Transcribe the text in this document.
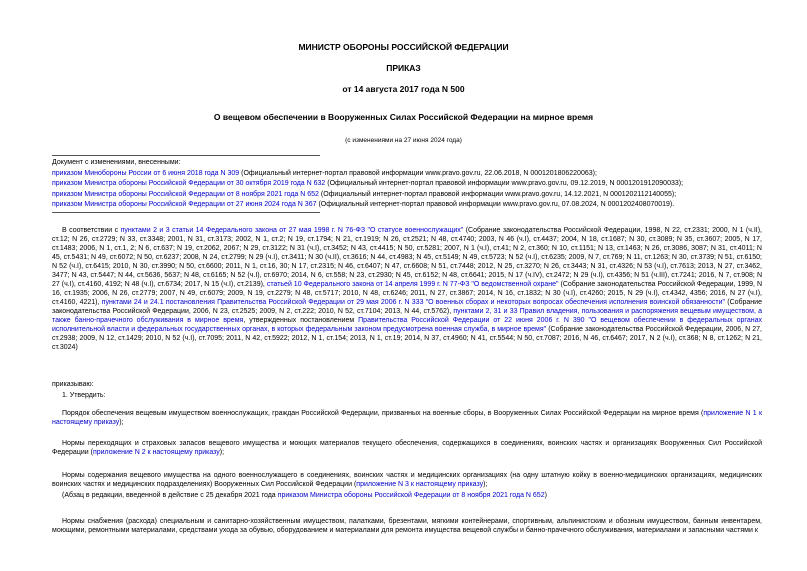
МИНИСТР ОБОРОНЫ РОССИЙСКОЙ ФЕДЕРАЦИИ
ПРИКАЗ
от 14 августа 2017 года N 500
О вещевом обеспечении в Вооруженных Силах Российской Федерации на мирное время
(с изменениями на 27 июня 2024 года)
Документ с изменениями, внесенными:
приказом Минобороны России от 6 июня 2018 года N 309 (Официальный интернет-портал правовой информации www.pravo.gov.ru, 22.06.2018, N 0001201806220063);
приказом Министра обороны Российской Федерации от 30 октября 2019 года N 632 (Официальный интернет-портал правовой информации www.pravo.gov.ru, 09.12.2019, N 0001201912090033);
приказом Министра обороны Российской Федерации от 8 ноября 2021 года N 652 (Официальный интернет-портал правовой информации www.pravo.gov.ru, 14.12.2021, N 0001202112140055);
приказом Министра обороны Российской Федерации от 27 июня 2024 года N 367 (Официальный интернет-портал правовой информации www.pravo.gov.ru, 07.08.2024, N 0001202408070019).
В соответствии с пунктами 2 и 3 статьи 14 Федерального закона от 27 мая 1998 г. N 76-ФЗ "О статусе военнослужащих" (Собрание законодательства Российской Федерации, 1998, N 22, ст.2331; 2000, N 1 (ч.II), ст.12; N 26, ст.2729; N 33, ст.3348; 2001, N 31, ст.3173; 2002, N 1, ст.2; N 19, ст.1794; N 21, ст.1919; N 26, ст.2521; N 48, ст.4740; 2003, N 46 (ч.I), ст.4437; 2004, N 18, ст.1687; N 30, ст.3089; N 35, ст.3607; 2005, N 17, ст.1483; 2006, N 1, ст.1, 2; N 6, ст.637; N 19, ст.2062, 2067; N 29, ст.3122; N 31 (ч.I), ст.3452; N 43, ст.4415; N 50, ст.5281; 2007, N 1 (ч.I), ст.41; N 2, ст.360; N 10, ст.1151; N 13, ст.1463; N 26, ст.3086, 3087; N 31, ст.4011; N 45, ст.5431; N 49, ст.6072; N 50, ст.6237; 2008, N 24, ст.2799; N 29 (ч.I), ст.3411; N 30 (ч.II), ст.3616; N 44, ст.4983; N 45, ст.5149; N 49, ст.5723; N 52 (ч.I), ст.6235; 2009, N 7, ст.769; N 11, ст.1263; N 30, ст.3739; N 51, ст.6150; N 52 (ч.I), ст.6415; 2010, N 30, ст.3990; N 50, ст.6600; 2011, N 1, ст.16, 30; N 17, ст.2315; N 46, ст.6407; N 47, ст.6608; N 51, ст.7448; 2012, N 25, ст.3270; N 26, ст.3443; N 31, ст.4326; N 53 (ч.I), ст.7613; 2013, N 27, ст.3462, 3477; N 43, ст.5447; N 44, ст.5636, 5637; N 48, ст.6165; N 52 (ч.I), ст.6970; 2014, N 6, ст.558; N 23, ст.2930; N 45, ст.6152; N 48, ст.6641; 2015, N 17 (ч.IV), ст.2472; N 29 (ч.I), ст.4356; N 51 (ч.III), ст.7241; 2016, N 7, ст.908; N 27 (ч.I), ст.4160, 4192; N 48 (ч.I), ст.6734; 2017, N 15 (ч.I), ст.2139), статьей 10 Федерального закона от 14 апреля 1999 г. N 77-ФЗ "О ведомственной охране" (Собрание законодательства Российской Федерации, 1999, N 16, ст.1935; 2006, N 26, ст.2779; 2007, N 49, ст.6079; 2009, N 19, ст.2279; N 48, ст.5717; 2010, N 48, ст.6246; 2011, N 27, ст.3867; 2014, N 16, ст.1832; N 30 (ч.I), ст.4260; 2015, N 29 (ч.I), ст.4342, 4356; 2016, N 27 (ч.I), ст.4160, 4221), пунктами 24 и 24.1 постановления Правительства Российской Федерации от 29 мая 2006 г. N 333 "О военных сборах и некоторых вопросах обеспечения исполнения воинской обязанности" (Собрание законодательства Российской Федерации, 2006, N 23, ст.2525; 2009, N 2, ст.222; 2010, N 52, ст.7104; 2013, N 44, ст.5762), пунктами 2, 31 и 33 Правил владения, пользования и распоряжения вещевым имуществом, а также банно-прачечного обслуживания в мирное время, утвержденных постановлением Правительства Российской Федерации от 22 июня 2006 г. N 390 "О вещевом обеспечении в федеральных органах исполнительной власти и федеральных государственных органах, в которых федеральным законом предусмотрена военная служба, в мирное время" (Собрание законодательства Российской Федерации, 2006, N 27, ст.2938; 2009, N 12, ст.1429; 2010, N 52 (ч.I), ст.7095; 2011, N 42, ст.5922; 2012, N 1, ст.154; 2013, N 1, ст.19; 2014, N 37, ст.4960; N 41, ст.5544; N 50, ст.7087; 2016, N 46, ст.6467; 2017, N 2 (ч.I), ст.368; N 8, ст.1262; N 21, ст.3024)
приказываю:
1. Утвердить:
Порядок обеспечения вещевым имуществом военнослужащих, граждан Российской Федерации, призванных на военные сборы, в Вооруженных Силах Российской Федерации на мирное время (приложение N 1 к настоящему приказу);
Нормы переходящих и страховых запасов вещевого имущества и моющих материалов текущего обеспечения, содержащихся в соединениях, воинских частях и организациях Вооруженных Сил Российской Федерации (приложение N 2 к настоящему приказу);
Нормы содержания вещевого имущества на одного военнослужащего в соединениях, воинских частях и медицинских организациях (на одну штатную койку в военно-медицинских организациях, медицинских воинских частях и медицинских подразделениях) Вооруженных Сил Российской Федерации (приложение N 3 к настоящему приказу);
(Абзац в редакции, введенной в действие с 25 декабря 2021 года приказом Министра обороны Российской Федерации от 8 ноября 2021 года N 652)
Нормы снабжения (расхода) специальным и санитарно-хозяйственным имуществом, палатками, брезентами, мягкими контейнерами, спортивным, альпинистским и обозным имуществом, банным инвентарем, моющими, ремонтными материалами, средствами ухода за обувью, оборудованием и материалами для ремонта имущества вещевой службы и банно-прачечного обслуживания, материалами и запасными частями к
